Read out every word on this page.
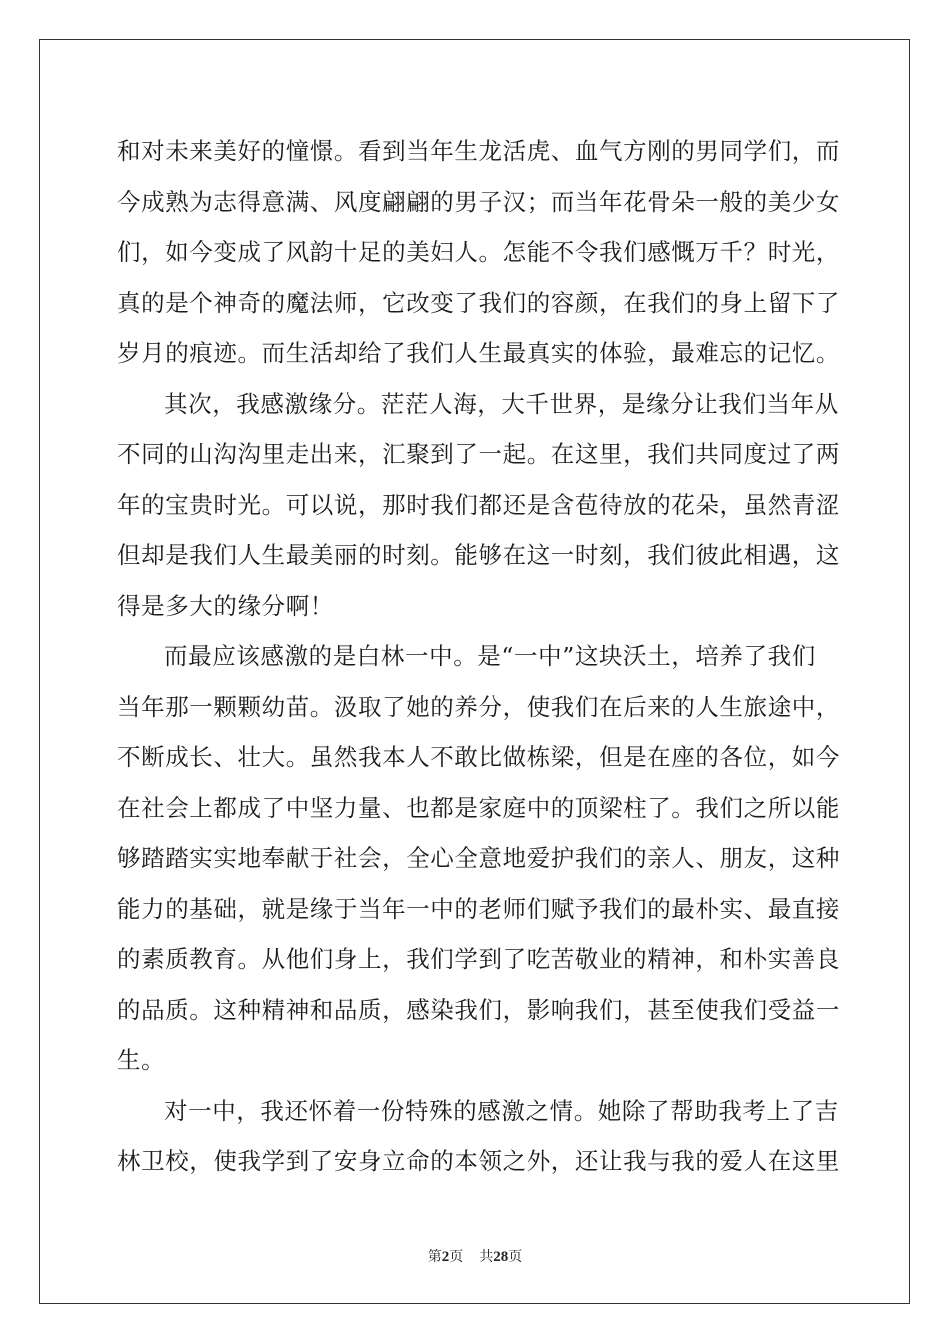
和对未来美好的憧憬。看到当年生龙活虎、血气方刚的男同学们，而
今成熟为志得意满、风度翩翩的男子汉；而当年花骨朵一般的美少女
们，如今变成了风韵十足的美妇人。怎能不令我们感慨万千？时光，
真的是个神奇的魔法师，它改变了我们的容颜，在我们的身上留下了
岁月的痕迹。而生活却给了我们人生最真实的体验，最难忘的记忆。
其次，我感激缘分。茫茫人海，大千世界，是缘分让我们当年从
不同的山沟沟里走出来，汇聚到了一起。在这里，我们共同度过了两
年的宝贵时光。可以说，那时我们都还是含苞待放的花朵，虽然青涩
但却是我们人生最美丽的时刻。能够在这一时刻，我们彼此相遇，这
得是多大的缘分啊！
而最应该感激的是白林一中。是“一中”这块沃土，培养了我们
当年那一颗颗幼苗。汲取了她的养分，使我们在后来的人生旅途中，
不断成长、壮大。虽然我本人不敢比做栋梁，但是在座的各位，如今
在社会上都成了中坚力量、也都是家庭中的顶梁柱了。我们之所以能
够踏踏实实地奉献于社会，全心全意地爱护我们的亲人、朋友，这种
能力的基础，就是缘于当年一中的老师们赋予我们的最朴实、最直接
的素质教育。从他们身上，我们学到了吃苦敬业的精神，和朴实善良
的品质。这种精神和品质，感染我们，影响我们，甚至使我们受益一
生。
对一中，我还怀着一份特殊的感激之情。她除了帮助我考上了吉
林卫校，使我学到了安身立命的本领之外，还让我与我的爱人在这里
第2页 共28页
